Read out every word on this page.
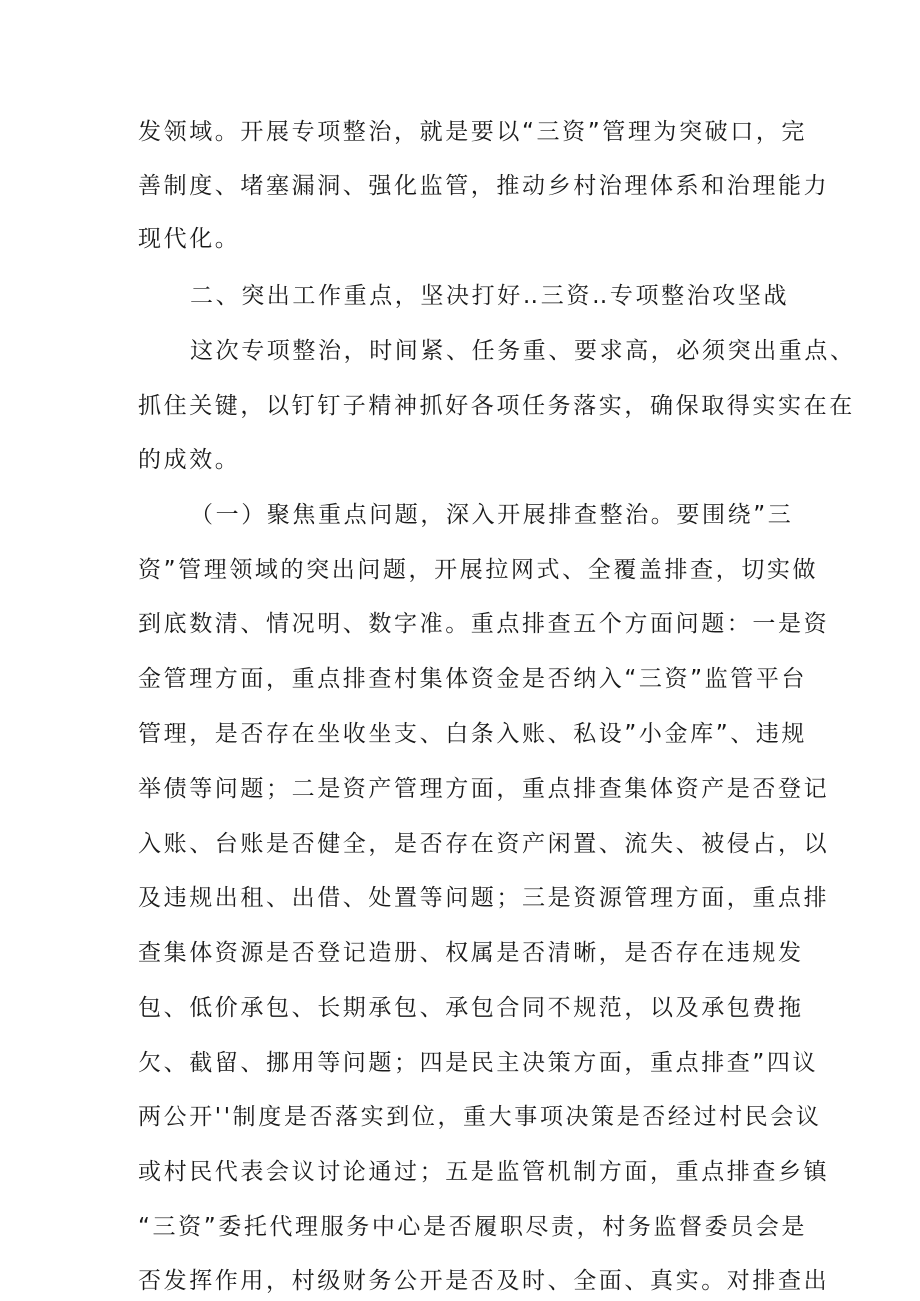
发领域。开展专项整治，就是要以“三资”管理为突破口，完
善制度、堵塞漏洞、强化监管，推动乡村治理体系和治理能力
现代化。
二、突出工作重点，坚决打好‥三资‥专项整治攻坚战
这次专项整治，时间紧、任务重、要求高，必须突出重点、
抓住关键，以钉钉子精神抓好各项任务落实，确保取得实实在在
的成效。
（一）聚焦重点问题，深入开展排查整治。要围绕”三
资”管理领域的突出问题，开展拉网式、全覆盖排查，切实做
到底数清、情况明、数字准。重点排查五个方面问题：一是资
金管理方面，重点排查村集体资金是否纳入“三资”监管平台
管理，是否存在坐收坐支、白条入账、私设”小金库”、违规
举债等问题；二是资产管理方面，重点排查集体资产是否登记
入账、台账是否健全，是否存在资产闲置、流失、被侵占，以
及违规出租、出借、处置等问题；三是资源管理方面，重点排
查集体资源是否登记造册、权属是否清晰，是否存在违规发
包、低价承包、长期承包、承包合同不规范，以及承包费拖
欠、截留、挪用等问题；四是民主决策方面，重点排查”四议
两公开''制度是否落实到位，重大事项决策是否经过村民会议
或村民代表会议讨论通过；五是监管机制方面，重点排查乡镇
“三资”委托代理服务中心是否履职尽责，村务监督委员会是
否发挥作用，村级财务公开是否及时、全面、真实。对排查出
